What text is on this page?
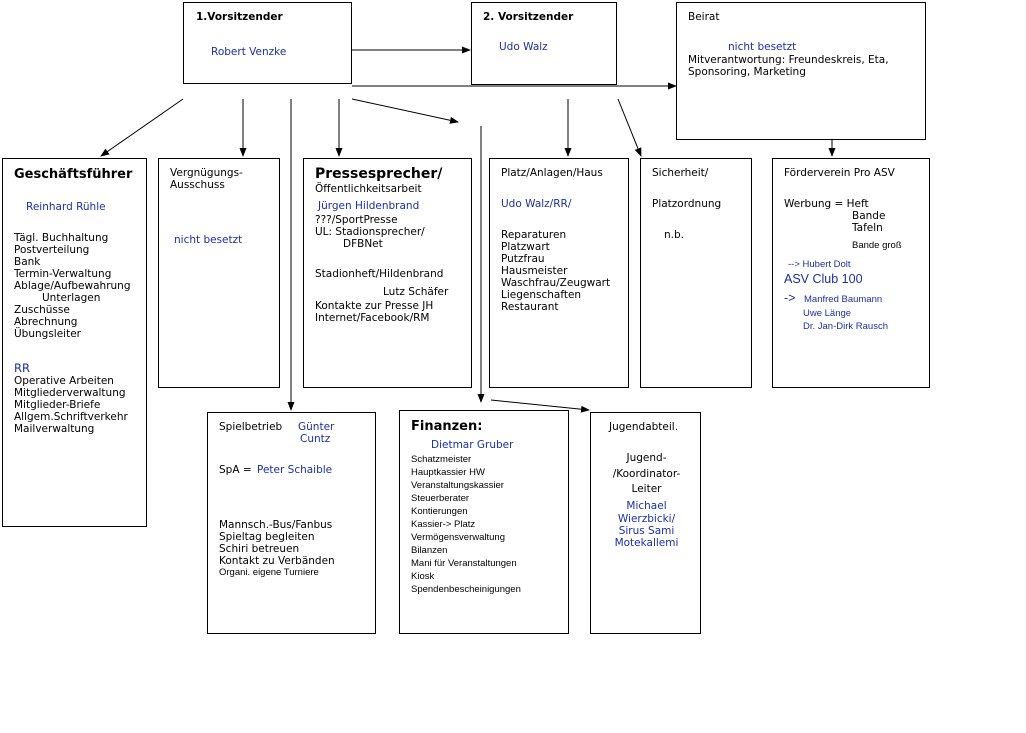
1.Vorsitzender
Robert Venzke
2. Vorsitzender
Udo Walz
Beirat
nicht besetzt
Mitverantwortung: Freundeskreis, Eta,
Sponsoring, Marketing
Geschäftsführer
Reinhard Rühle
Tägl. Buchhaltung
Postverteilung
Bank
Termin-Verwaltung
Ablage/Aufbewahrung
Unterlagen
Zuschüsse
Abrechnung
Übungsleiter
RR
Operative Arbeiten
Mitgliederverwaltung
Mitglieder-Briefe
Allgem.Schriftverkehr
Mailverwaltung
Vergnügungs-
Ausschuss
nicht besetzt
Pressesprecher/
Öffentlichkeitsarbeit
Jürgen Hildenbrand
???/SportPresse
UL: Stadionsprecher/
DFBNet
Stadionheft/Hildenbrand
Lutz Schäfer
Kontakte zur Presse JH
Internet/Facebook/RM
Platz/Anlagen/Haus
Udo Walz/RR/
Reparaturen
Platzwart
Putzfrau
Hausmeister
Waschfrau/Zeugwart
Liegenschaften
Restaurant
Sicherheit/
Platzordnung
n.b.
Förderverein Pro ASV
Werbung = Heft
Bande
Tafeln
Bande groß
--> Hubert Dolt
ASV Club 100
-> Manfred Baumann
Uwe Länge
Dr. Jan-Dirk Rausch
Spielbetrieb Günter
Cuntz
SpA = Peter Schaible
Mannsch.-Bus/Fanbus
Spieltag begleiten
Schiri betreuen
Kontakt zu Verbänden
Organi. eigene Turniere
Finanzen:
Dietmar Gruber
Schatzmeister
Hauptkassier HW
Veranstaltungskassier
Steuerberater
Kontierungen
Kassier-> Platz
Vermögensverwaltung
Bilanzen
Mani für Veranstaltungen
Kiosk
Spendenbescheinigungen
Jugendabteil.
Jugend-
/Koordinator-
Leiter
Michael
Wierzbicki/
Sirus Sami
Motekallemi
